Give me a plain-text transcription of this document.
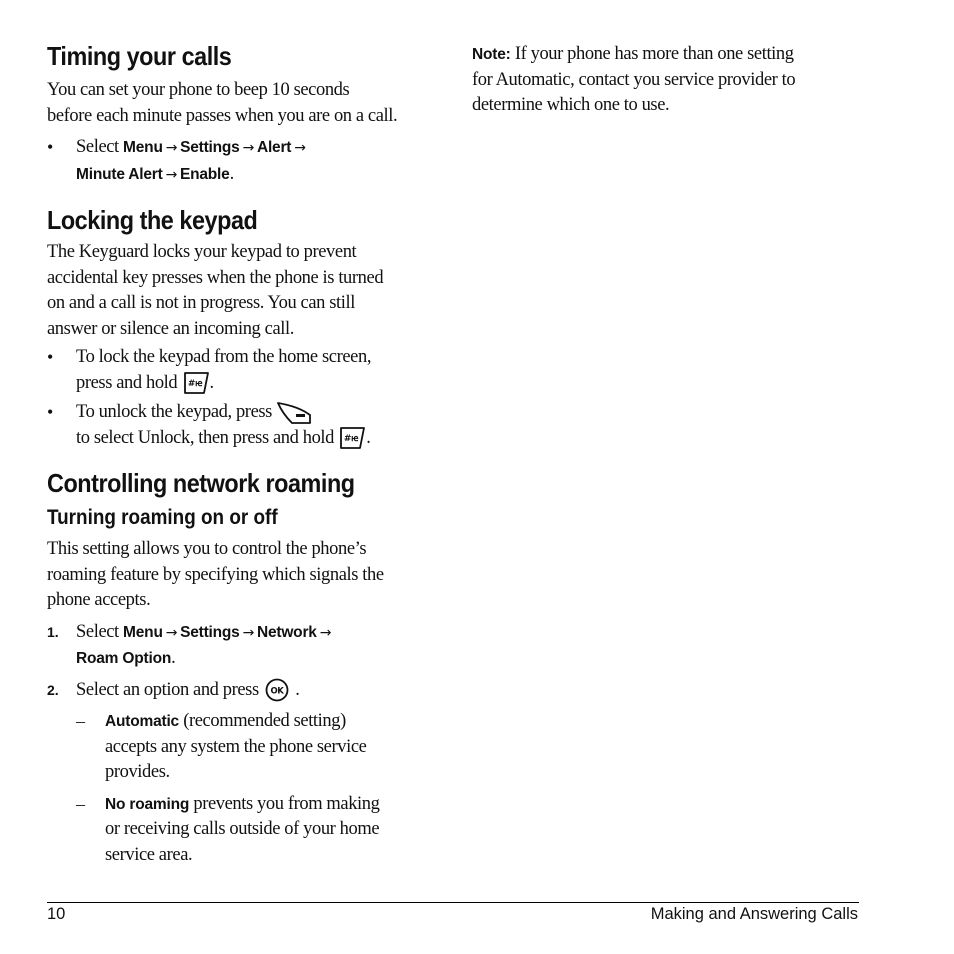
Timing your calls

You can set your phone to beep 10 seconds
before each minute passes when you are on a call.

• Select Menu → Settings → Alert →
Minute Alert → Enable.

Locking the keypad

The Keyguard locks your keypad to prevent
accidental key presses when the phone is turned
on and a call is not in progress. You can still
answer or silence an incoming call.

• To lock the keypad from the home screen,
press and hold #ꭡ .

• To unlock the keypad, press

to select Unlock, then press and hold #ꭡ .

Controlling network roaming
Turning roaming on or off

This setting allows you to control the phone’s
roaming feature by specifying which signals the
phone accepts.

1. Select Menu → Settings → Network →
Roam Option.

2. Select an option and press OK .

– Automatic (recommended setting)
accepts any system the phone service
provides.

– No roaming prevents you from making
or receiving calls outside of your home
service area.

Note: If your phone has more than one setting
for Automatic, contact you service provider to
determine which one to use.

10	Making and Answering Calls
